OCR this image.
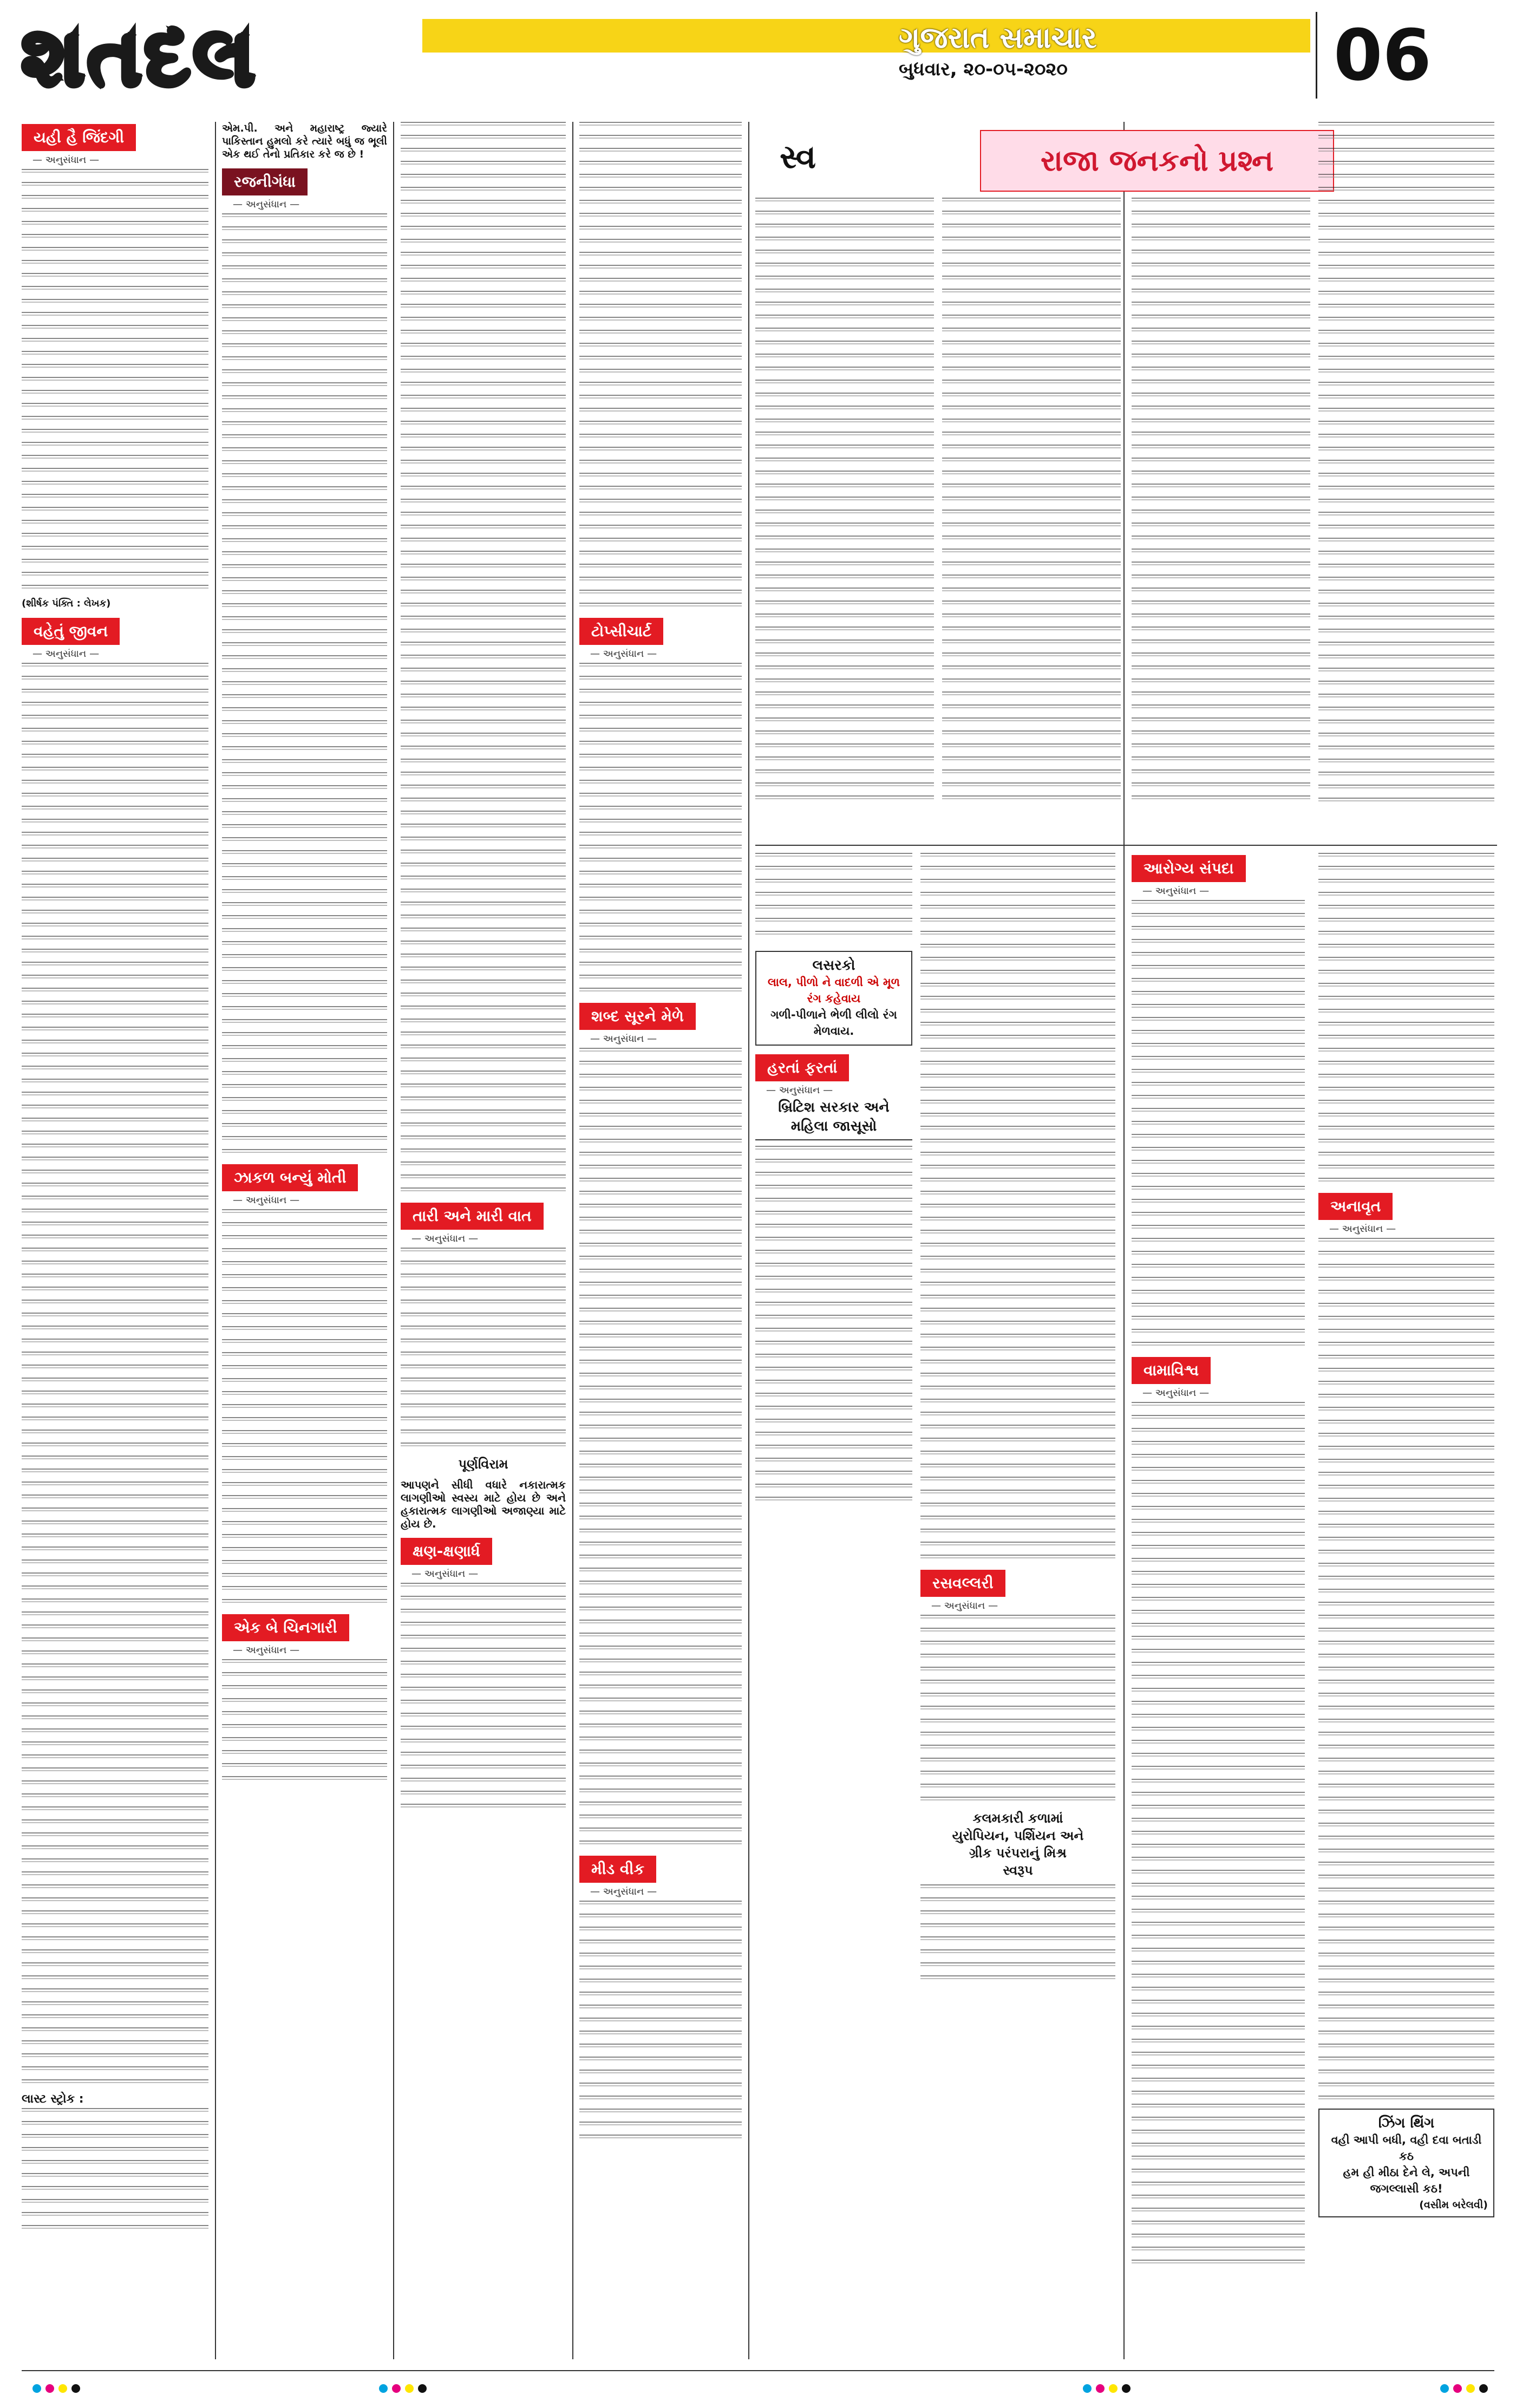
શતદલ	ગુજરાત સમાચાર
બુધવાર, ૨૦-૦૫-૨૦૨૦	06
યહી હૈ જિંદગી
— અનુસંધાન —
(શીર્ષક પંક્તિ : લેખક)
વહેતું જીવન
— અનુસંધાન —
લાસ્ટ સ્ટ્રોક :
એમ.પી. અને મહારાષ્ટ્ર જ્યારે પાકિસ્તાન હુમલો કરે ત્યારે બધું જ ભૂલી એક થઈ તેનો પ્રતિકાર કરે જ છે !
રજનીગંધા
— અનુસંધાન —
ઝાકળ બન્યું મોતી
— અનુસંધાન —
એક બે ચિનગારી
— અનુસંધાન —
તારી અને મારી વાત
— અનુસંધાન —
પૂર્ણવિરામ
આપણને સીધી વધારે નકારાત્મક લાગણીઓ સ્વસ્ય માટે હોય છે અને હકારાત્મક લાગણીઓ અજાણ્યા માટે હોય છે.
ક્ષણ-ક્ષણાર્ધ
— અનુસંધાન —
ટોપ્સીચાર્ટ
— અનુસંધાન —
શબ્દ સૂરને મેળે
— અનુસંધાન —
મીડ વીક
— અનુસંધાન —
સ્વ	રાજા જનકનો પ્રશ્ન
લસરકો
લાલ, પીળો ને વાદળી એ મૂળ રંગ કહેવાય
ગળી-પીળાને ભેળી લીલો રંગ મેળવાય.
હરતાં ફરતાં
— અનુસંધાન —
બ્રિટિશ સરકાર અને
મહિલા જાસૂસો
રસવલ્લરી
— અનુસંધાન —
કલમકારી કળામાં
યુરોપિયન, પર્શિયન અને
ગ્રીક પરંપરાનું મિશ્ર
સ્વરૂપ
આરોગ્ય સંપદા
— અનુસંધાન —
વામાવિશ્વ
— અનુસંધાન —
અનાવૃત
— અનુસંધાન —
ઝિંગ થિંગ
વહી આપી બધી, વહી દવા બતાડી કઠ
હમ હી મીઠા દેને લે, અપની જગલ્લાસી કઠ!
(વસીમ બરેલવી)
